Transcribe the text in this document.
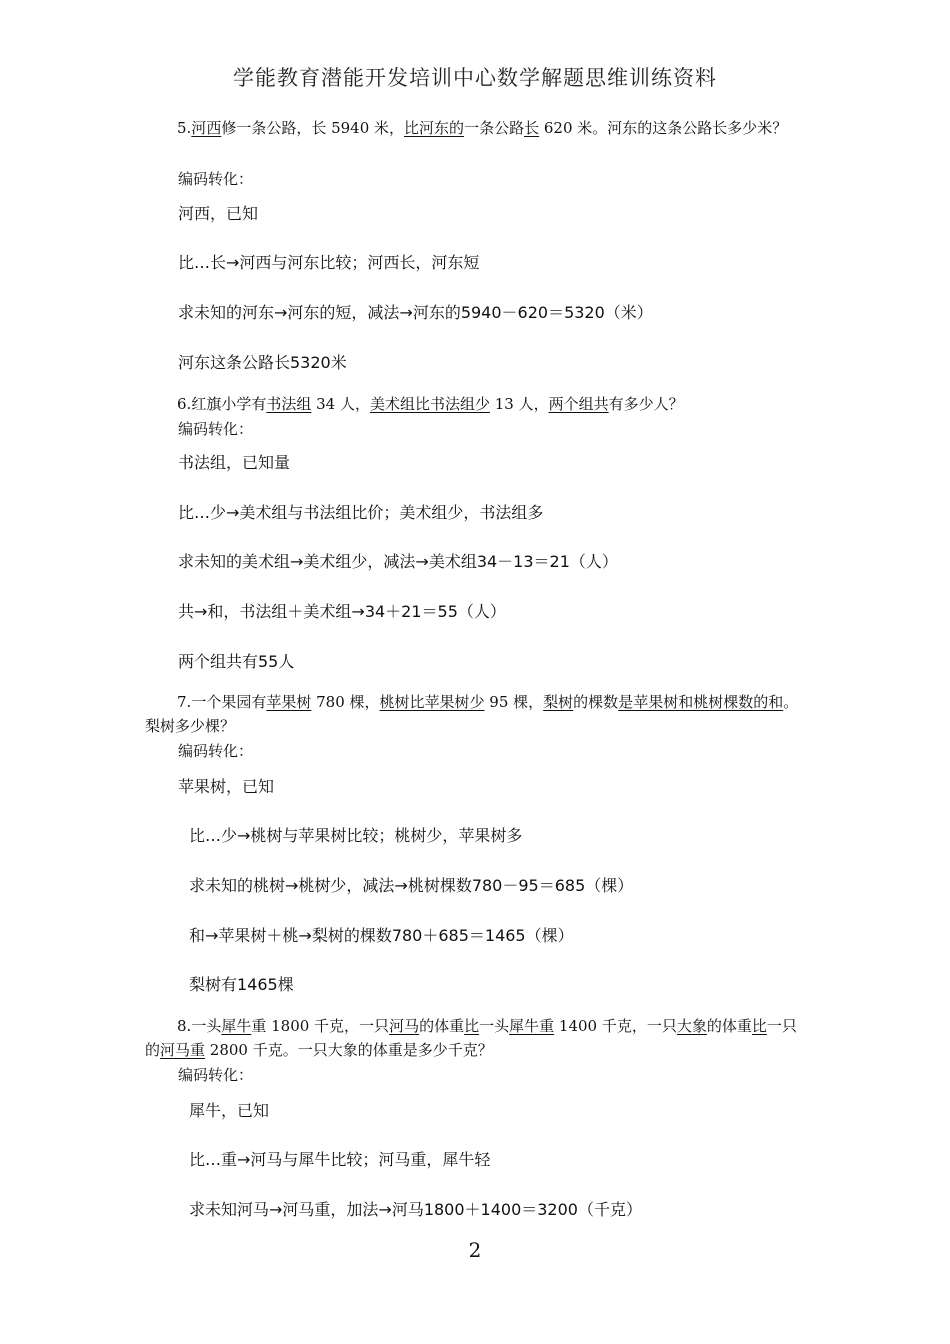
学能教育潜能开发培训中心数学解题思维训练资料
5.河西修一条公路，长 5940 米，比河东的一条公路长 620 米。河东的这条公路长多少米？
编码转化：
河西，已知
比…长→河西与河东比较；河西长，河东短
求未知的河东→河东的短，减法→河东的5940－620＝5320（米）
河东这条公路长5320米
6.红旗小学有书法组 34 人，美术组比书法组少 13 人，两个组共有多少人？
编码转化：
书法组，已知量
比…少→美术组与书法组比价；美术组少，书法组多
求未知的美术组→美术组少，减法→美术组34－13＝21（人）
共→和，书法组＋美术组→34＋21＝55（人）
两个组共有55人
7.一个果园有苹果树 780 棵，桃树比苹果树少 95 棵，梨树的棵数是苹果树和桃树棵数的和。梨树多少棵？
编码转化：
苹果树，已知
比…少→桃树与苹果树比较；桃树少，苹果树多
求未知的桃树→桃树少，减法→桃树棵数780－95＝685（棵）
和→苹果树＋桃→梨树的棵数780＋685＝1465（棵）
梨树有1465棵
8.一头犀牛重 1800 千克，一只河马的体重比一头犀牛重 1400 千克，一只大象的体重比一只的河马重 2800 千克。一只大象的体重是多少千克？
编码转化：
犀牛，已知
比…重→河马与犀牛比较；河马重，犀牛轻
求未知河马→河马重，加法→河马1800＋1400＝3200（千克）
2
